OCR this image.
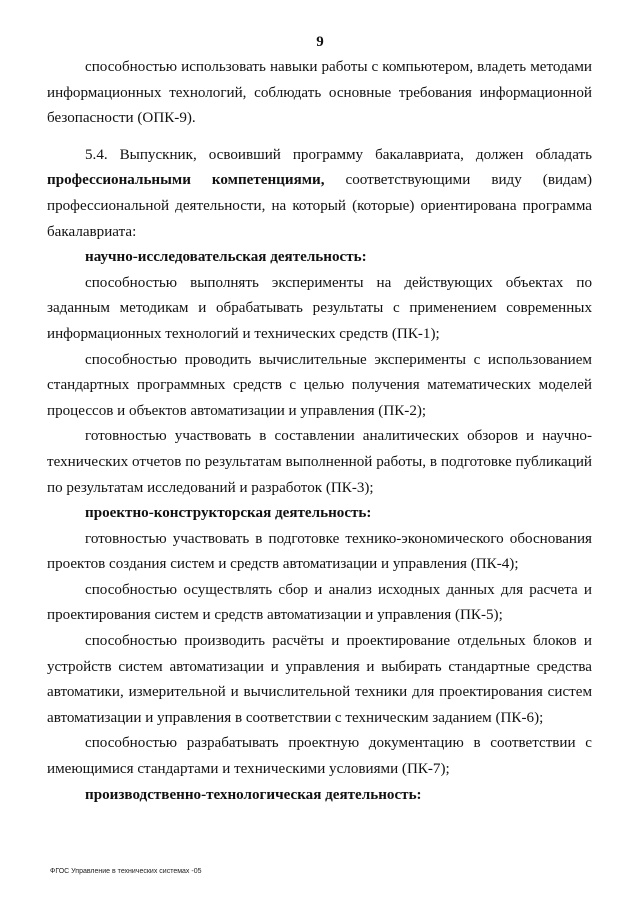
9

способностью использовать навыки работы с компьютером, владеть методами информационных технологий, соблюдать основные требования информационной безопасности (ОПК-9).

5.4. Выпускник, освоивший программу бакалавриата, должен обладать профессиональными компетенциями, соответствующими виду (видам) профессиональной деятельности, на который (которые) ориентирована программа бакалавриата:

научно-исследовательская деятельность:

способностью выполнять эксперименты на действующих объектах по заданным методикам и обрабатывать результаты с применением современных информационных технологий и технических средств (ПК-1);

способностью проводить вычислительные эксперименты с использованием стандартных программных средств с целью получения математических моделей процессов и объектов автоматизации и управления (ПК-2);

готовностью участвовать в составлении аналитических обзоров и научно-технических отчетов по результатам выполненной работы, в подготовке публикаций по результатам исследований и разработок (ПК-3);

проектно-конструкторская деятельность:

готовностью участвовать в подготовке технико-экономического обоснования проектов создания систем и средств автоматизации и управления (ПК-4);

способностью осуществлять сбор и анализ исходных данных для расчета и проектирования систем и средств автоматизации и управления (ПК-5);

способностью производить расчёты и проектирование отдельных блоков и устройств систем автоматизации и управления и выбирать стандартные средства автоматики, измерительной и вычислительной техники для проектирования систем автоматизации и управления в соответствии с техническим заданием (ПК-6);

способностью разрабатывать проектную документацию в соответствии с имеющимися стандартами и техническими условиями (ПК-7);

производственно-технологическая деятельность:

ФГОС Управление в технических системах -05
